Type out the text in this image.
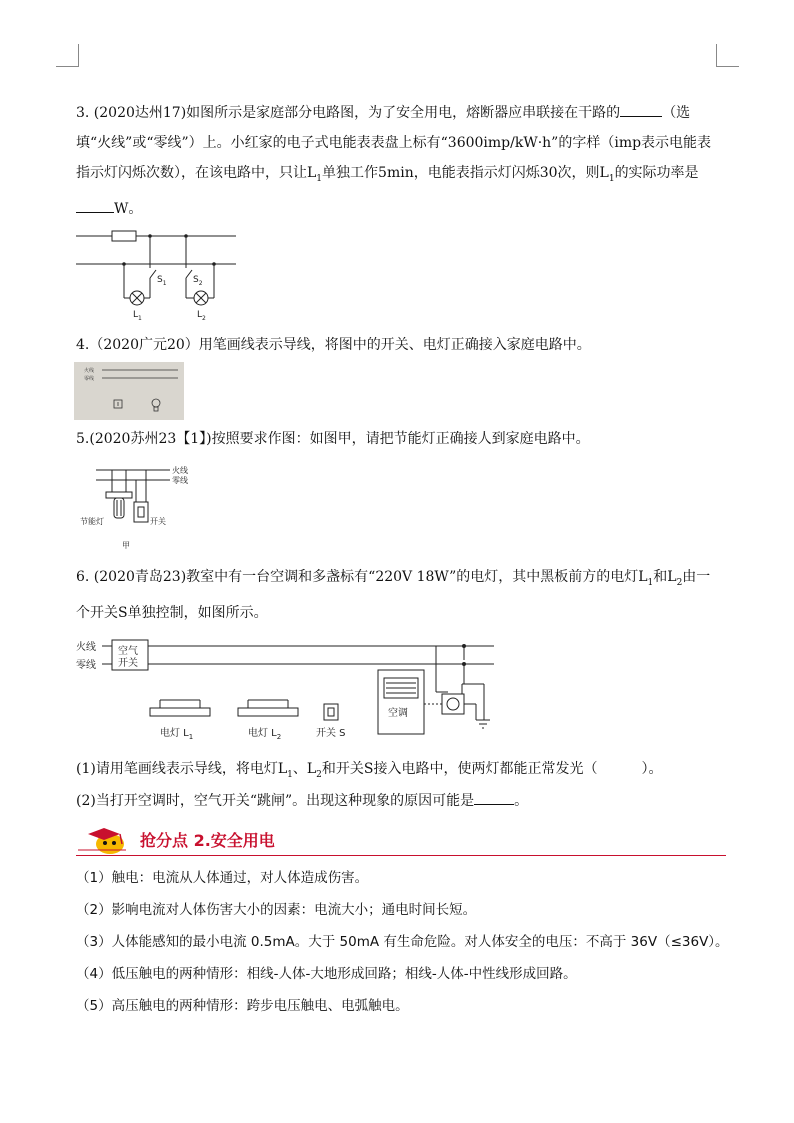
3. (2020达州17)如图所示是家庭部分电路图，为了安全用电，熔断器应串联接在干路的	（选填“火线”或“零线”）上。小红家的电子式电能表表盘上标有“3600imp/kW·h”的字样（imp表示电能表指示灯闪烁次数），在该电路中，只让$L_1$单独工作5min，电能表指示灯闪烁30次，则$L_1$的实际功率是
W。
$S_1$	$S_2$
$L_1$	$L_2$
4.（2020广元20）用笔画线表示导线，将图中的开关、电灯正确接入家庭电路中。
火线
零线
5.(2020苏州23【1】)按照要求作图：如图甲，请把节能灯正确接人到家庭电路中。
火线
零线
节能灯	开关
甲
6. (2020青岛23)教室中有一台空调和多盏标有“220V 18W”的电灯，其中黑板前方的电灯$L_1$和$L_2$由一个开关S单独控制，如图所示。
火线
零线
空气
开关
电灯 $L_1$	电灯 $L_2$	开关 S
空调
(1)请用笔画线表示导线，将电灯$L_1$、$L_2$和开关S接入电路中，使两灯都能正常发光（	）。
(2)当打开空调时，空气开关“跳闸”。出现这种现象的原因可能是	。
抢分点 2.安全用电
（1）触电：电流从人体通过，对人体造成伤害。
（2）影响电流对人体伤害大小的因素：电流大小；通电时间长短。
（3）人体能感知的最小电流 0.5mA。大于 50mA 有生命危险。对人体安全的电压：不高于 36V（≤36V）。
（4）低压触电的两种情形：相线-人体-大地形成回路；相线-人体-中性线形成回路。
（5）高压触电的两种情形：跨步电压触电、电弧触电。
